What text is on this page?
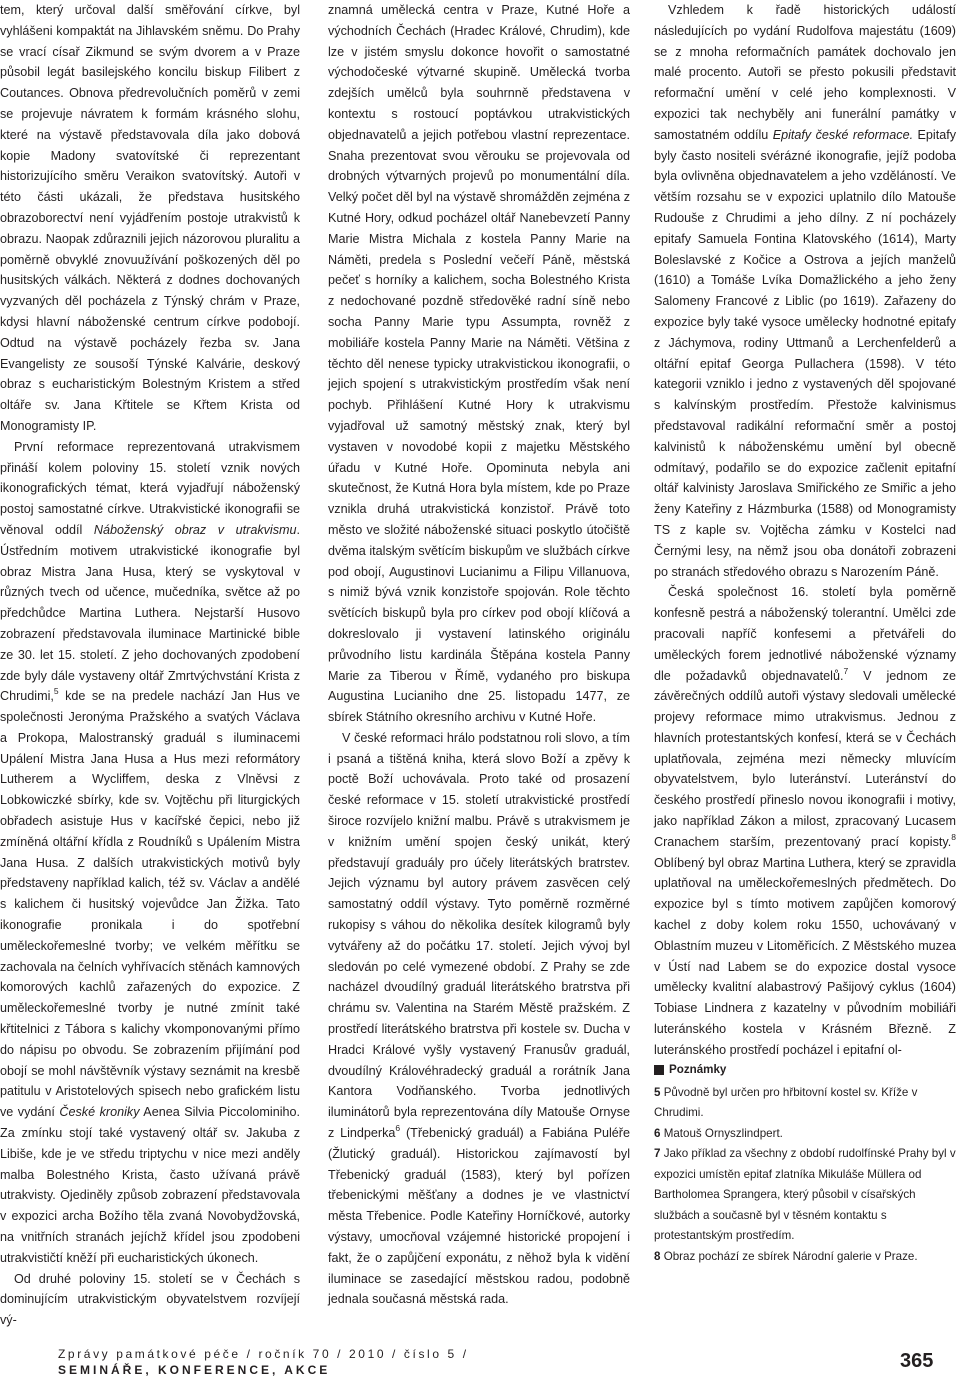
tem, který určoval další směřování církve, byl vyhlášeni kompaktát na Jihlavském sněmu. Do Prahy se vrací císař Zikmund se svým dvorem a v Praze působil legát basilejského koncilu biskup Filibert z Coutances. Obnova předrevolučních poměrů v zemi se projevuje návratem k formám krásného slohu, které na výstavě představovala díla jako dobová kopie Madony svatovítské či reprezentant historizujícího směru Veraikon svatovítský. Autoři v této části ukázali, že představa husitského obrazoborectví není vyjádřením postoje utrakvistů k obrazu. Naopak zdůraznili jejich názorovou pluralitu a poměrně obvyklé znovuužívání poškozených děl po husitských válkách. Některá z dodnes dochovaných vyzvaných děl pocházela z Týnský chrám v Praze, kdysi hlavní náboženské centrum církve podobojí. Odtud na výstavě pocházely řezba sv. Jana Evangelisty ze sousoší Týnské Kalvárie, deskový obraz s eucharistickým Bolestným Kristem a střed oltáře sv. Jana Křtitele se Křtem Krista od Monogramisty IP.

První reformace reprezentovaná utrakvismem přináší kolem poloviny 15. století vznik nových ikonografických témat, která vyjadřují náboženský postoj samostatné církve. Utrakvistické ikonografii se věnoval oddíl Náboženský obraz v utrakvismu. Ústředním motivem utrakvistické ikonografie byl obraz Mistra Jana Husa, který se vyskytoval v různých tvech od učence, mučedníka, světce až po předchůdce Martina Luthera. Nejstarší Husovo zobrazení představovala iluminace Martinické bible ze 30. let 15. století. Z jeho dochovaných zpodobení zde byly dále vystaveny oltář Zmrtvýchvstání Krista z Chrudimi,$^5$ kde se na predele nachází Jan Hus ve společnosti Jeronýma Pražského a svatých Václava a Prokopa, Malostranský graduál s iluminacemi Upálení Mistra Jana Husa a Hus mezi reformátory Lutherem a Wycliffem, deska z Vlněvsi z Lobkowiczké sbírky, kde sv. Vojtěchu při liturgických obřadech asistuje Hus v kacířské čepici, nebo již zmíněná oltářní křídla z Roudníků s Upálením Mistra Jana Husa. Z dalších utrakvistických motivů byly představeny například kalich, též sv. Václav a andělé s kalichem či husitský vojevůdce Jan Žižka. Tato ikonografie pronikala i do spotřební uměleckořemeslné tvorby; ve velkém měřítku se zachovala na čelních vyhřívacích stěnách kamnových komorových kachlů zařazených do expozice. Z uměleckořemeslné tvorby je nutné zmínit také křtitelnici z Tábora s kalichy vkomponovanými přímo do nápisu po obvodu. Se zobrazením přijímání pod obojí se mohl návštěvník výstavy seznámit na kresbě patitulu v Aristotelových spisech nebo grafickém listu ve vydání České kroniky Aenea Silvia Piccolominiho. Za zmínku stojí také vystavený oltář sv. Jakuba z Libiše, kde je ve středu triptychu v nice mezi anděly malba Bolestného Krista, často užívaná právě utrakvisty. Ojediněly způsob zobrazení představovala v expozici archa Božího těla zvaná Novobydžovská, na vnitřních stranách jejíchž křídel jsou zpodobeni utrakvističtí kněží při eucharistických úkonech.

Od druhé poloviny 15. století se v Čechách s dominujícím utrakvistickým obyvatelstvem rozvíjejí vý-

znamná umělecká centra v Praze, Kutné Hoře a východních Čechách (Hradec Králové, Chrudim), kde lze v jistém smyslu dokonce hovořit o samostatné východočeské výtvarné skupině. Umělecká tvorba zdejších umělců byla souhrnně představena v kontextu s rostoucí poptávkou utrakvistických objednavatelů a jejich potřebou vlastní reprezentace. Snaha prezentovat svou věrouku se projevovala od drobných výtvarných projevů po monumentální díla. Velký počet děl byl na výstavě shromážděn zejména z Kutné Hory, odkud pocházel oltář Nanebevzetí Panny Marie Mistra Michala z kostela Panny Marie na Náměti, predela s Poslední večeří Páně, městská pečeť s horníky a kalichem, socha Bolestného Krista z nedochované pozdně středověké radní síně nebo socha Panny Marie typu Assumpta, rovněž z mobiliáře kostela Panny Marie na Náměti. Většina z těchto děl nenese typicky utrakvistickou ikonografii, o jejich spojení s utrakvistickým prostředím však není pochyb. Přihlášení Kutné Hory k utrakvismu vyjadřoval už samotný městský znak, který byl vystaven v novodobé kopii z majetku Městského úřadu v Kutné Hoře. Opominuta nebyla ani skutečnost, že Kutná Hora byla místem, kde po Praze vznikla druhá utrakvistická konzistoř. Právě toto město ve složité náboženské situaci poskytlo útočiště dvěma italským světícím biskupům ve službách církve pod obojí, Augustinovi Lucianimu a Filipu Villanuova, s nimiž bývá vznik konzistoře spojován. Role těchto světících biskupů byla pro církev pod obojí klíčová a dokreslovalo ji vystavení latinského originálu průvodního listu kardinála Štěpána kostela Panny Marie za Tiberou v Římě, vydaného pro biskupa Augustina Lucianiho dne 25. listopadu 1477, ze sbírek Státního okresního archivu v Kutné Hoře.

V české reformaci hrálo podstatnou roli slovo, a tím i psaná a tištěná kniha, která slovo Boží a zpěvy k poctě Boží uchovávala. Proto také od prosazení české reformace v 15. století utrakvistické prostředí široce rozvíjelo knižní malbu. Právě s utrakvismem je v knižním umění spojen český unikát, který představují graduály pro účely literátských bratrstev. Jejich významu byl autory právem zasvěcen celý samostatný oddíl výstavy. Tyto poměrně rozměrné rukopisy s váhou do několika desítek kilogramů byly vytvářeny až do počátku 17. století. Jejich vývoj byl sledován po celé vymezené období. Z Prahy se zde nacházel dvoudílný graduál literátského bratrstva při chrámu sv. Valentina na Starém Městě pražském. Z prostředí literátského bratrstva při kostele sv. Ducha v Hradci Králové vyšly vystavený Franusův graduál, dvoudílný Královéhradecký graduál a rorátník Jana Kantora Vodňanského. Tvorba jednotlivých iluminátorů byla reprezentována díly Matouše Ornyse z Lindperka$^6$ (Třebenický graduál) a Fabiána Puléře (Žlutický graduál). Historickou zajímavostí byl Třebenický graduál (1583), který byl pořízen třebenickými měšťany a dodnes je ve vlastnictví města Třebenice. Podle Kateřiny Horníčkové, autorky výstavy, umocňoval vzájemné historické propojení i fakt, že o zapůjčení exponátu, z něhož byla k vidění iluminace se zasedající městskou radou, podobně jednala současná městská rada.

Vzhledem k řadě historických událostí následujících po vydání Rudolfova majestátu (1609) se z mnoha reformačních památek dochovalo jen malé procento. Autoři se přesto pokusili představit reformační umění v celé jeho komplexnosti. V expozici tak nechyběly ani funerální památky v samostatném oddílu Epitafy české reformace. Epitafy byly často nositeli svérázné ikonografie, jejíž podoba byla ovlivněna objednavatelem a jeho vzděláností. Ve větším rozsahu se v expozici uplatnilo dílo Matouše Rudouše z Chrudimi a jeho dílny. Z ní pocházely epitafy Samuela Fontina Klatovského (1614), Marty Boleslavské z Kočice a Ostrova a jejích manželů (1610) a Tomáše Lvíka Domažlického a jeho ženy Salomeny Francové z Liblic (po 1619). Zařazeny do expozice byly také vysoce umělecky hodnotné epitafy z Jáchymova, rodiny Uttmanů a Lerchenfelderů a oltářní epitaf Georga Pullachera (1598). V této kategorii vzniklo i jedno z vystavených děl spojované s kalvínským prostředím. Přestože kalvinismus představoval radikální reformační směr a postoj kalvinistů k náboženskému umění byl obecně odmítavý, podařilo se do expozice začlenit epitafní oltář kalvinisty Jaroslava Smiřického ze Smiřic a jeho ženy Kateřiny z Házmburka (1588) od Monogramisty TS z kaple sv. Vojtěcha zámku v Kostelci nad Černými lesy, na němž jsou oba donátoři zobrazeni po stranách středového obrazu s Narozením Páně.

Česká společnost 16. století byla poměrně konfesně pestrá a náboženský tolerantní. Umělci zde pracovali napříč konfesemi a přetvářeli do uměleckých forem jednotlivé náboženské významy dle požadavků objednavatelů.$^7$ V jednom ze závěrečných oddílů autoři výstavy sledovali umělecké projevy reformace mimo utrakvismus. Jednou z hlavních protestantských konfesí, která se v Čechách uplatňovala, zejména mezi německy mluvícím obyvatelstvem, bylo luteránství. Luteránství do českého prostředí přineslo novou ikonografii i motivy, jako například Zákon a milost, zpracovaný Lucasem Cranachem starším, prezentovaný prací kopisty.$^8$ Oblíbený byl obraz Martina Luthera, který se zpravidla uplatňoval na uměleckořemeslných předmětech. Do expozice byl s tímto motivem zapůjčen komorový kachel z doby kolem roku 1550, uchovávaný v Oblastním muzeu v Litoměřicích. Z Městského muzea v Ústí nad Labem se do expozice dostal vysoce umělecky kvalitní alabastrový Pašijový cyklus (1604) Tobiase Lindnera z kazatelny v původním mobiliáři luteránského kostela v Krásném Březně. Z luteránského prostředí pocházel i epitafní ol-

Poznámky

5 Původně byl určen pro hřbitovní kostel sv. Kříže v Chrudimi.

6 Matouš Ornyszlindpert.

7 Jako příklad za všechny z období rudolfínské Prahy byl v expozici umístěn epitaf zlatníka Mikuláše Müllera od Bartholomea Sprangera, který působil v císařských službách a současně byl v těsném kontaktu s protestantským prostředím.

8 Obraz pochází ze sbírek Národní galerie v Praze.

Zprávy památkové péče / ročník 70 / 2010 / číslo 5 /
SEMINÁŘE, KONFERENCE, AKCE	365
